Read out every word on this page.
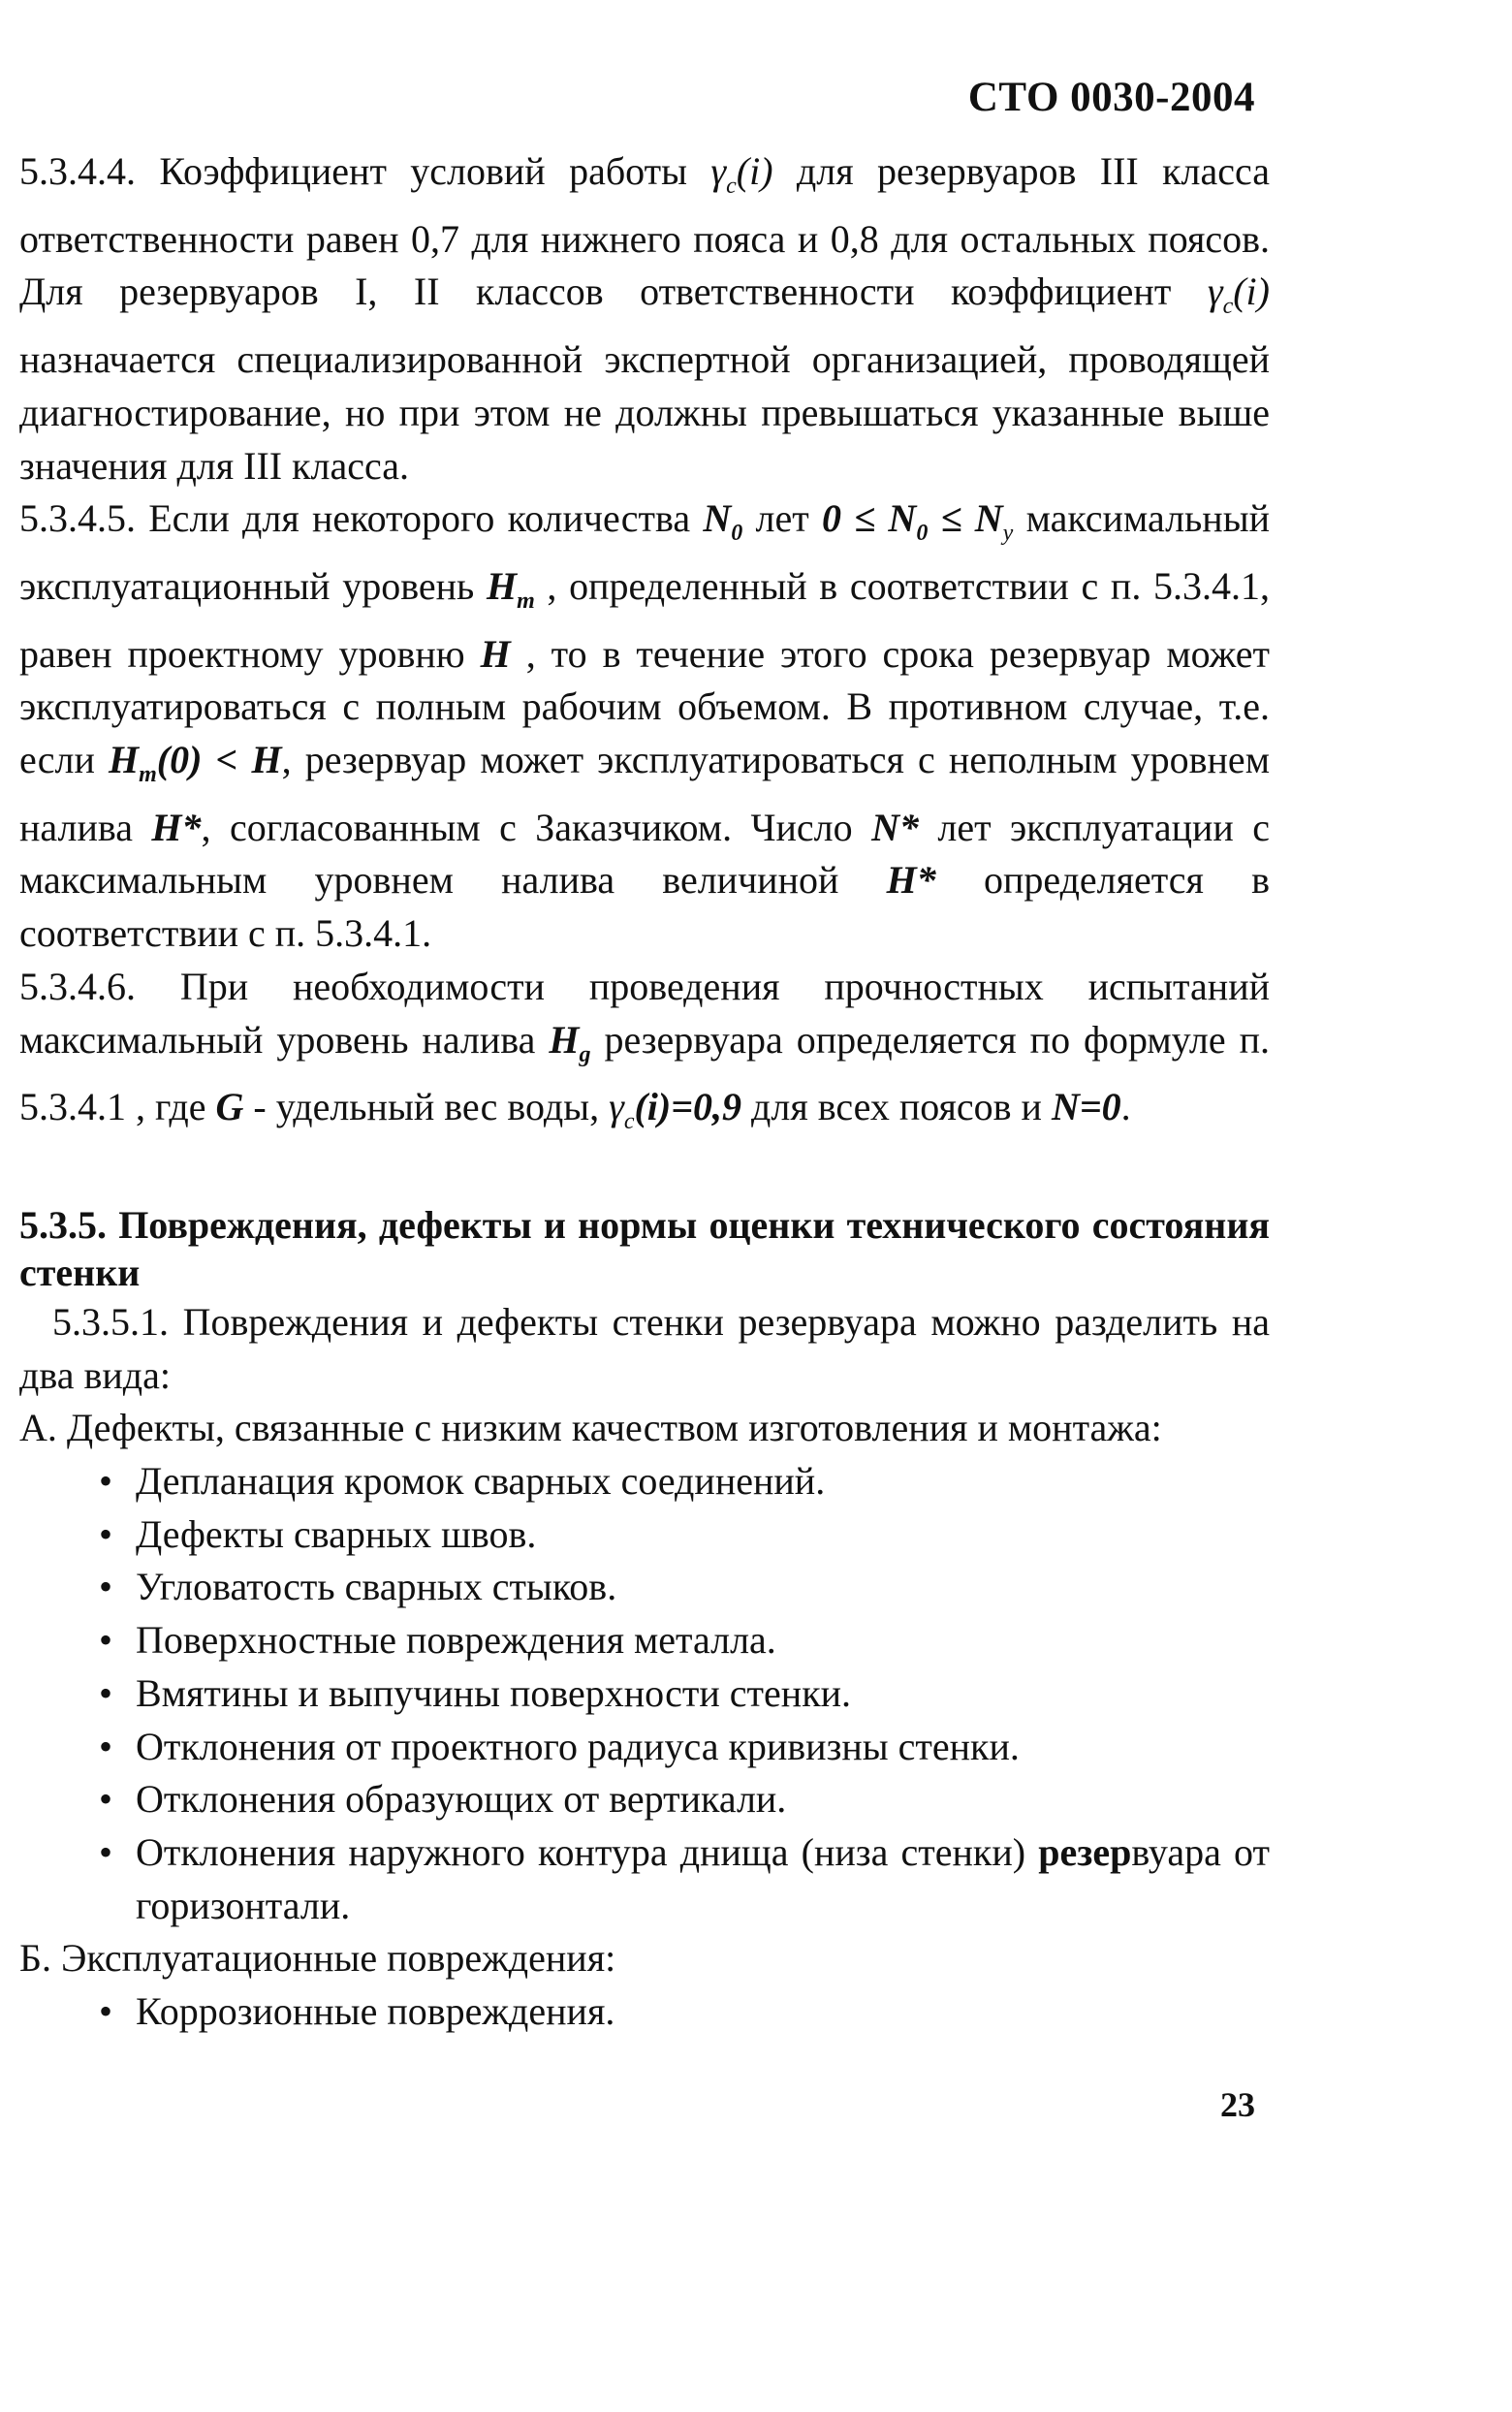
СТО 0030-2004

5.3.4.4. Коэффициент условий работы $\gamma_c(i)$ для резервуаров III класса ответственности равен 0,7 для нижнего пояса и 0,8 для остальных поясов. Для резервуаров I, II классов ответственности коэффициент $\gamma_c(i)$ назначается специализированной экспертной организацией, проводящей диагностирование, но при этом не должны превышаться указанные выше значения для III класса.

5.3.4.5. Если для некоторого количества $N_0$ лет $0 \le N_0 \le N_y$ максимальный эксплуатационный уровень $H_m$ , определенный в соответствии с п. 5.3.4.1, равен проектному уровню H , то в течение этого срока резервуар может эксплуатироваться с полным рабочим объемом. В противном случае, т.е. если $H_m(0) < H$, резервуар может эксплуатироваться с неполным уровнем налива H*, согласованным с Заказчиком. Число N* лет эксплуатации с максимальным уровнем налива величиной H* определяется в соответствии с п. 5.3.4.1.

5.3.4.6. При необходимости проведения прочностных испытаний максимальный уровень налива $H_g$ резервуара определяется по формуле п. 5.3.4.1 , где G - удельный вес воды, $\gamma_c(i)=0,9$ для всех поясов и N=0.

5.3.5. Повреждения, дефекты и нормы оценки технического состояния стенки

5.3.5.1. Повреждения и дефекты стенки резервуара можно разделить на два вида:

А. Дефекты, связанные с низким качеством изготовления и монтажа:

• Депланация кромок сварных соединений.
• Дефекты сварных швов.
• Угловатость сварных стыков.
• Поверхностные повреждения металла.
• Вмятины и выпучины поверхности стенки.
• Отклонения от проектного радиуса кривизны стенки.
• Отклонения образующих от вертикали.
• Отклонения наружного контура днища (низа стенки) резервуара от горизонтали.

Б. Эксплуатационные повреждения:

• Коррозионные повреждения.
23
